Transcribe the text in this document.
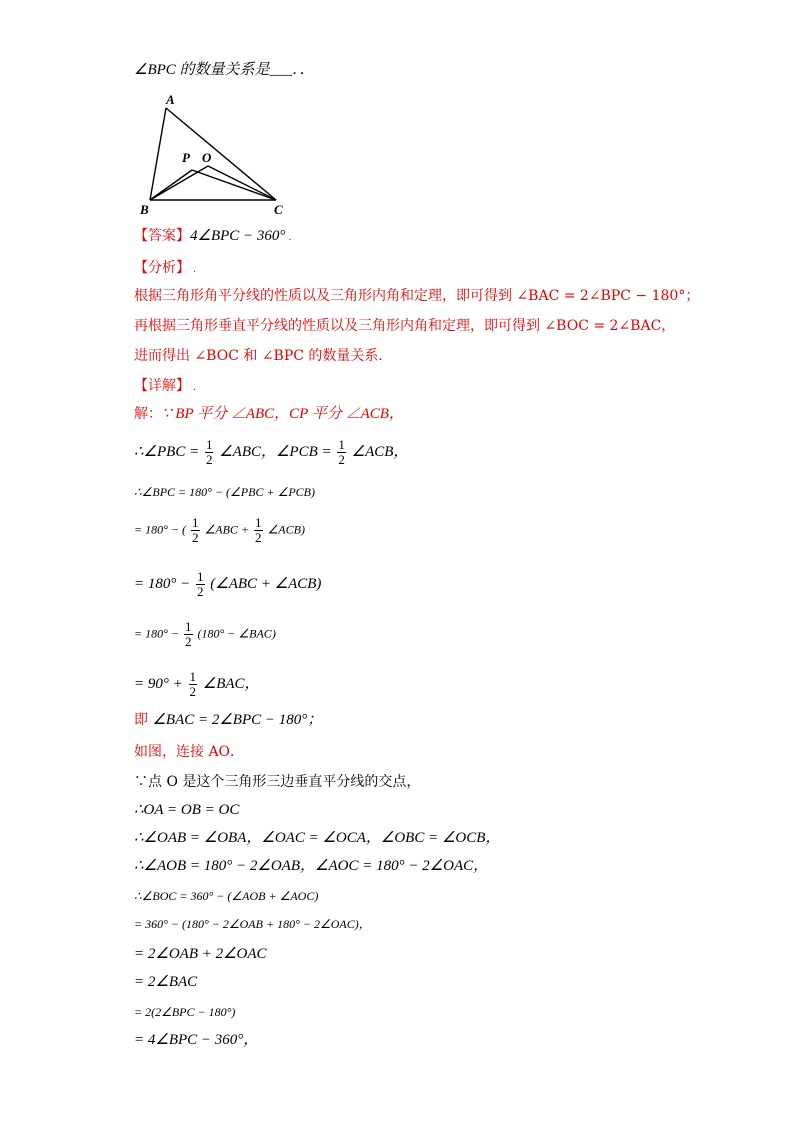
∠BPC 的数量关系是___．．
A
B	C
P O
【答案】4∠BPC − 360° .
【分析】 .
根据三角形角平分线的性质以及三角形内角和定理，即可得到 ∠BAC = 2∠BPC − 180°；
再根据三角形垂直平分线的性质以及三角形内角和定理，即可得到 ∠BOC = 2∠BAC，
进而得出 ∠BOC 和 ∠BPC 的数量关系．
【详解】 .
解：∵ BP 平分 ∠ABC，CP 平分 ∠ACB，
∴∠PBC = $\frac{1}{2}$ ∠ABC，∠PCB = $\frac{1}{2}$ ∠ACB，
∴∠BPC = 180° − (∠PBC + ∠PCB)
= 180° − ( $\frac{1}{2}$ ∠ABC + $\frac{1}{2}$ ∠ACB)
= $180^\circ - \frac{1}{2}$ (∠ABC + ∠ACB)
= $180^\circ - \frac{1}{2} (180^\circ$ − ∠BAC)
= $90^\circ + \frac{1}{2}$ ∠BAC，
即 ∠BAC = 2∠BPC − 180°；
如图，连接 AO．
∵点 O 是这个三角形三边垂直平分线的交点，
∴OA = OB = OC
∴∠OAB = ∠OBA，∠OAC = ∠OCA，∠OBC = ∠OCB，
∴∠AOB = 180° − 2∠OAB，∠AOC = 180° − 2∠OAC，
∴∠BOC = 360° − (∠AOB + ∠AOC)
= 360° − (180° − 2∠OAB + 180° − 2∠OAC)，
= 2∠OAB + 2∠OAC
= 2∠BAC
= 2(2∠BPC − 180°)
= 4∠BPC − 360°，
